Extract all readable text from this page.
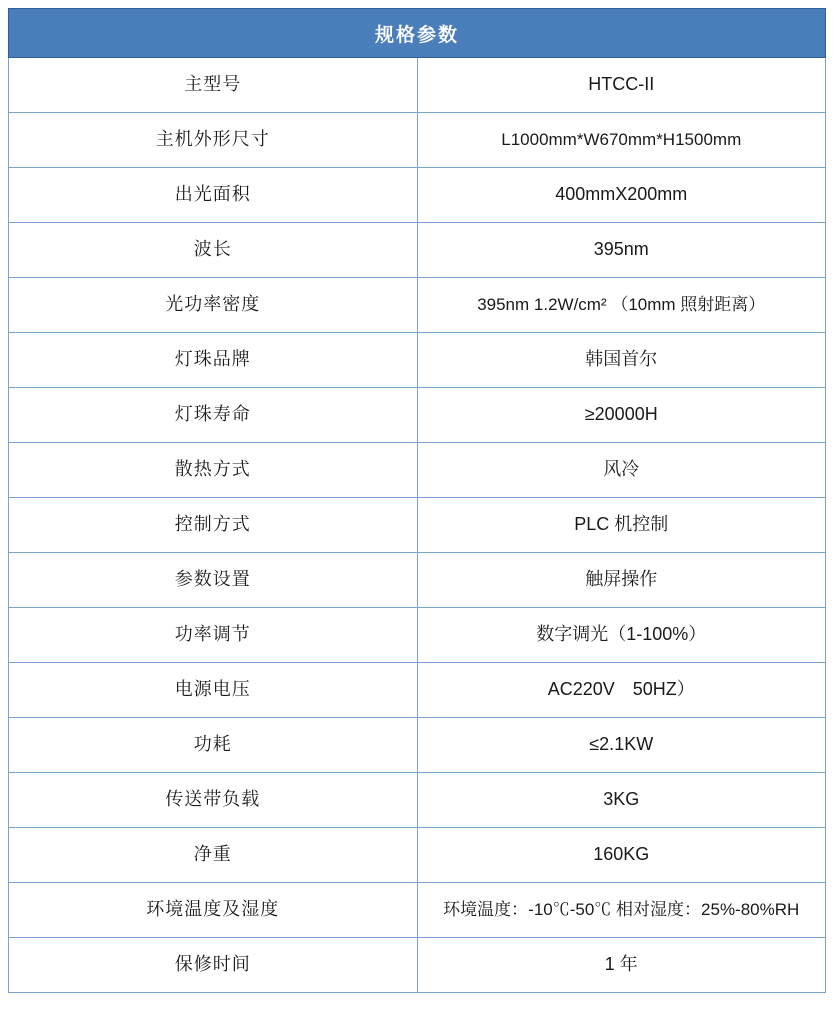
规格参数	
主型号	HTCC-II
主机外形尺寸	L1000mm*W670mm*H1500mm
出光面积	400mmX200mm
波长	395nm
光功率密度	395nm 1.2W/cm² （10mm 照射距离）
灯珠品牌	韩国首尔
灯珠寿命	≥20000H
散热方式	风冷
控制方式	PLC 机控制
参数设置	触屏操作
功率调节	数字调光（1-100%）
电源电压	AC220V　50HZ）
功耗	≤2.1KW
传送带负载	3KG
净重	160KG
环境温度及湿度	环境温度：-10℃-50℃ 相对湿度：25%-80%RH
保修时间	1 年
